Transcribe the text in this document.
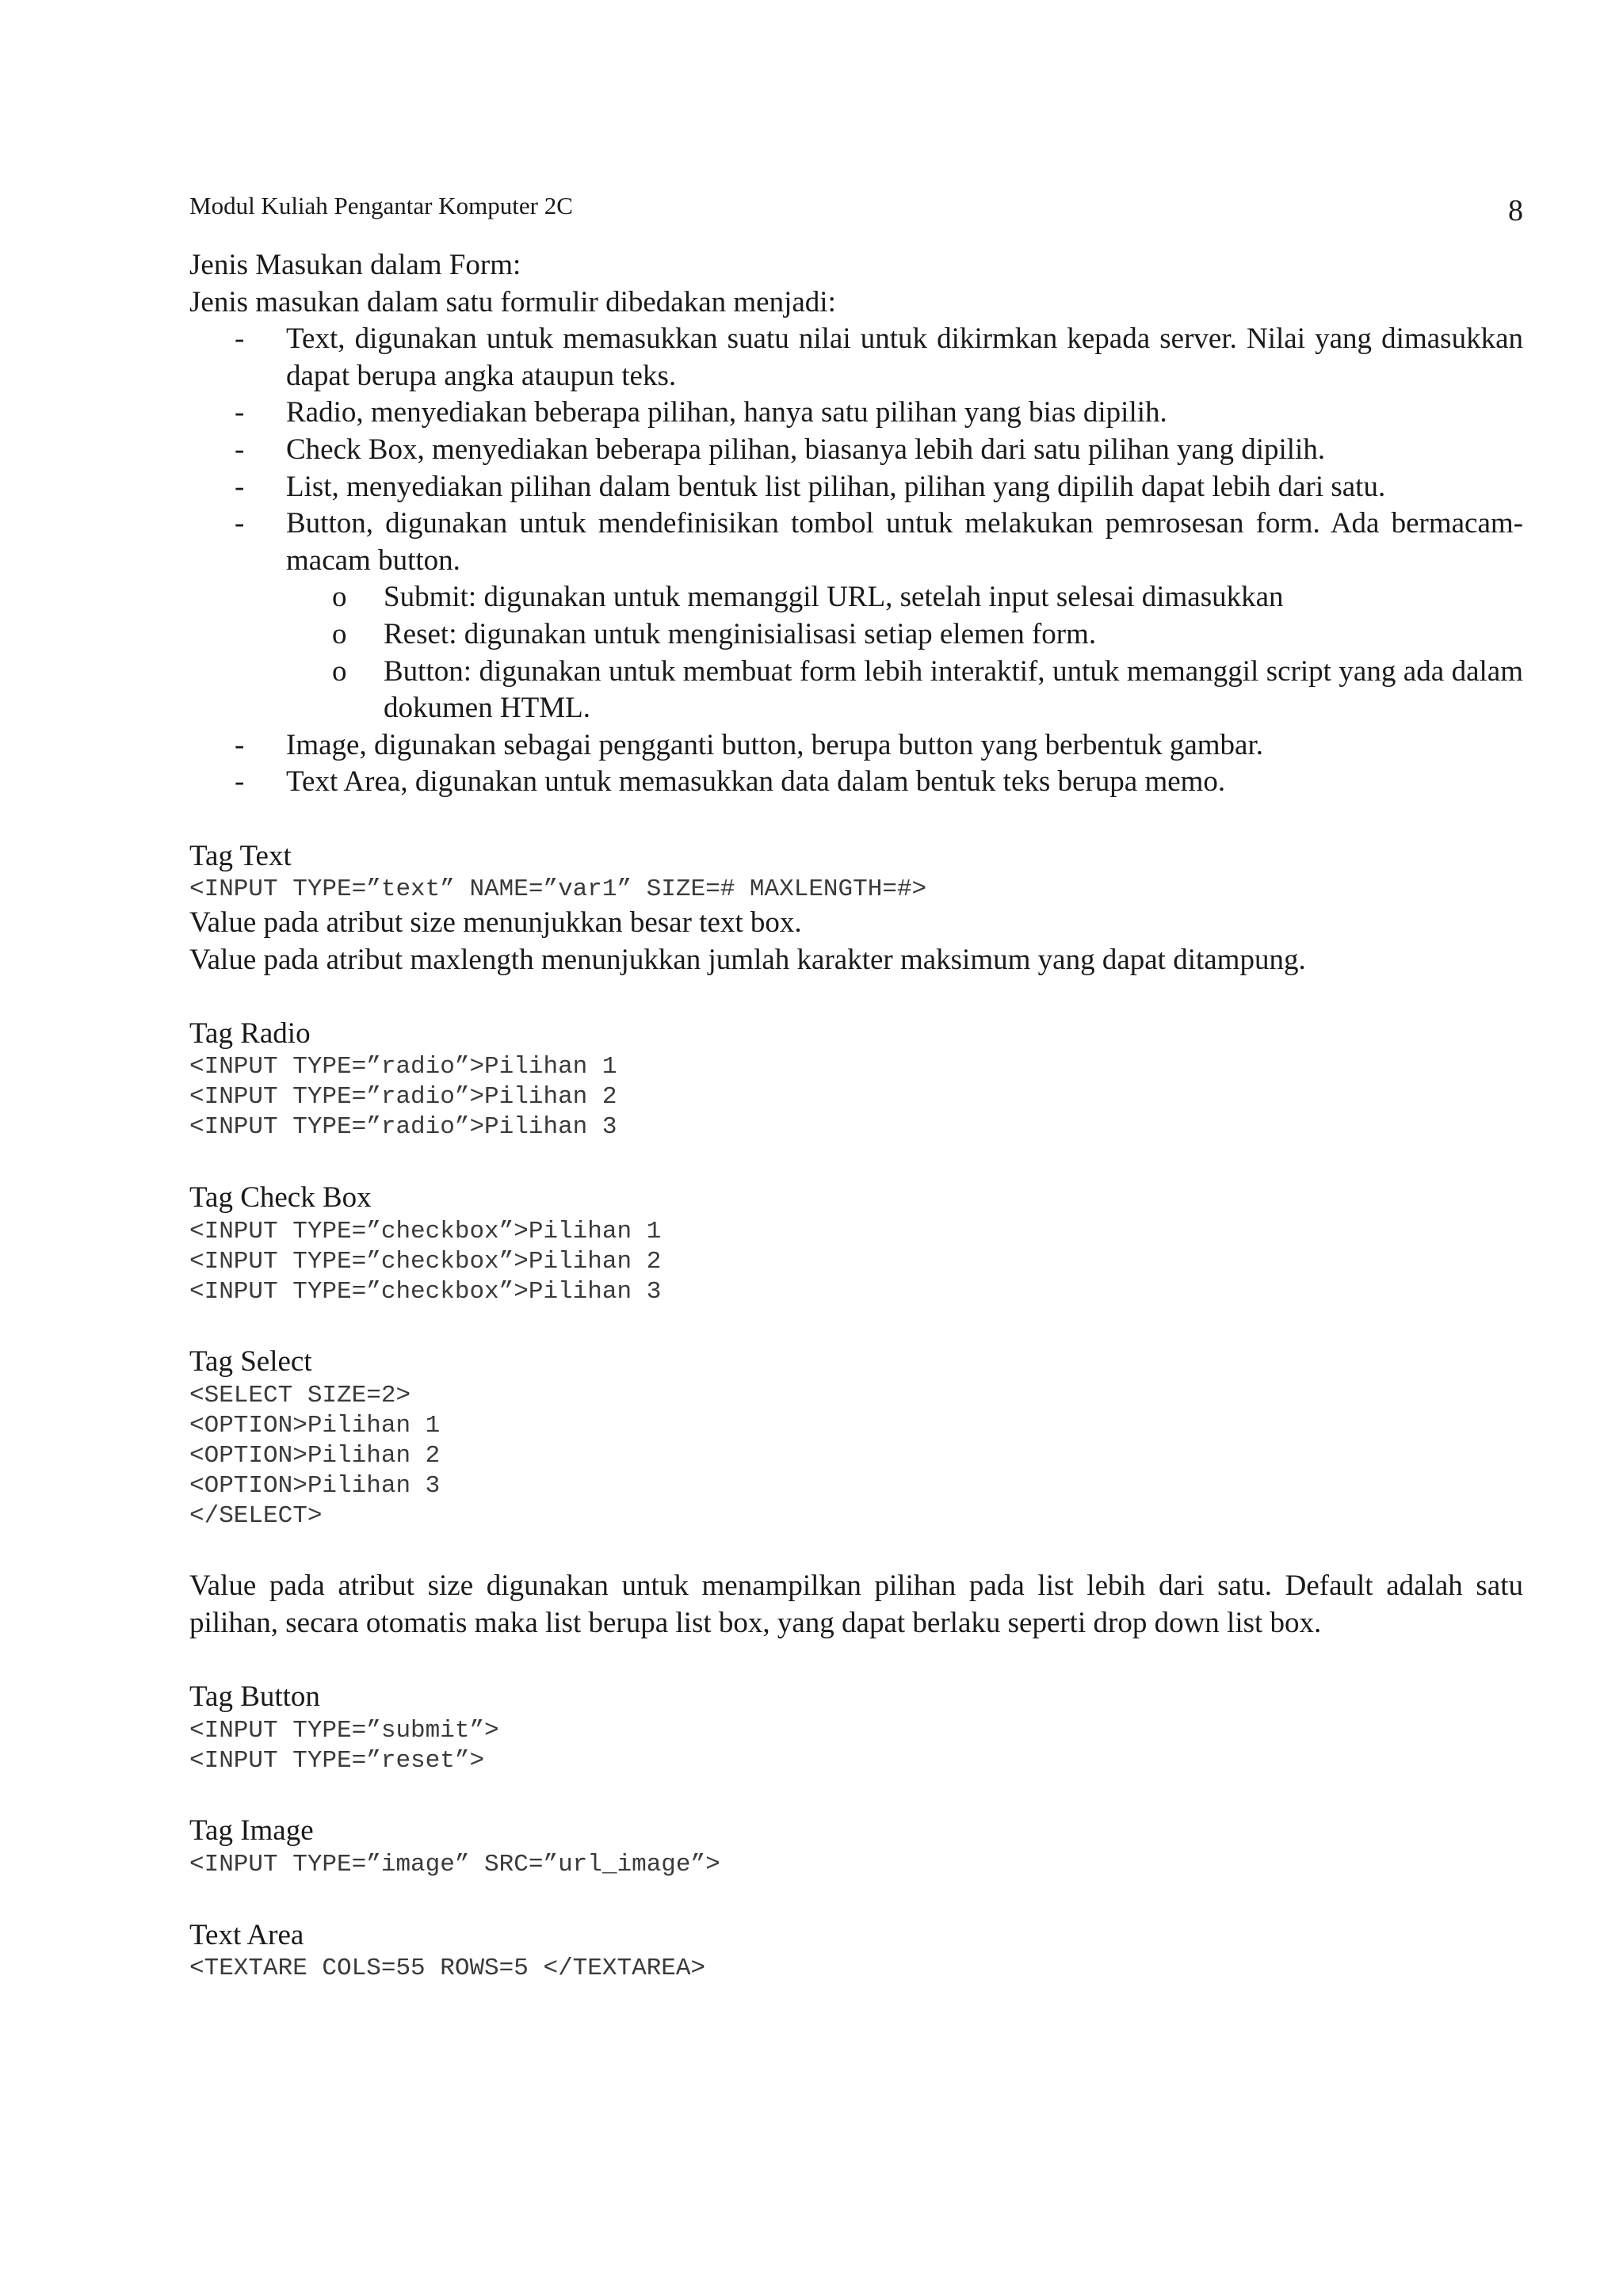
Modul Kuliah Pengantar Komputer 2C	8

Jenis Masukan dalam Form:

Jenis masukan dalam satu formulir dibedakan menjadi:

- Text, digunakan untuk memasukkan suatu nilai untuk dikirmkan kepada server. Nilai yang dimasukkan dapat berupa angka ataupun teks.
- Radio, menyediakan beberapa pilihan, hanya satu pilihan yang bias dipilih.
- Check Box, menyediakan beberapa pilihan, biasanya lebih dari satu pilihan yang dipilih.
- List, menyediakan pilihan dalam bentuk list pilihan, pilihan yang dipilih dapat lebih dari satu.
- Button, digunakan untuk mendefinisikan tombol untuk melakukan pemrosesan form. Ada bermacam-macam button.
o Submit: digunakan untuk memanggil URL, setelah input selesai dimasukkan
o Reset: digunakan untuk menginisialisasi setiap elemen form.
o Button: digunakan untuk membuat form lebih interaktif, untuk memanggil script yang ada dalam dokumen HTML.
- Image, digunakan sebagai pengganti button, berupa button yang berbentuk gambar.
- Text Area, digunakan untuk memasukkan data dalam bentuk teks berupa memo.

Tag Text

<INPUT TYPE=”text” NAME=”var1” SIZE=# MAXLENGTH=#>

Value pada atribut size menunjukkan besar text box.

Value pada atribut maxlength menunjukkan jumlah karakter maksimum yang dapat ditampung.

Tag Radio

<INPUT TYPE=”radio”>Pilihan 1

<INPUT TYPE=”radio”>Pilihan 2

<INPUT TYPE=”radio”>Pilihan 3

Tag Check Box

<INPUT TYPE=”checkbox”>Pilihan 1

<INPUT TYPE=”checkbox”>Pilihan 2

<INPUT TYPE=”checkbox”>Pilihan 3

Tag Select

<SELECT SIZE=2>

<OPTION>Pilihan 1

<OPTION>Pilihan 2

<OPTION>Pilihan 3

</SELECT>

Value pada atribut size digunakan untuk menampilkan pilihan pada list lebih dari satu. Default adalah satu pilihan, secara otomatis maka list berupa list box, yang dapat berlaku seperti drop down list box.

Tag Button

<INPUT TYPE=”submit”>

<INPUT TYPE=”reset”>

Tag Image

<INPUT TYPE=”image” SRC=”url_image”>

Text Area

<TEXTARE COLS=55 ROWS=5 </TEXTAREA>
